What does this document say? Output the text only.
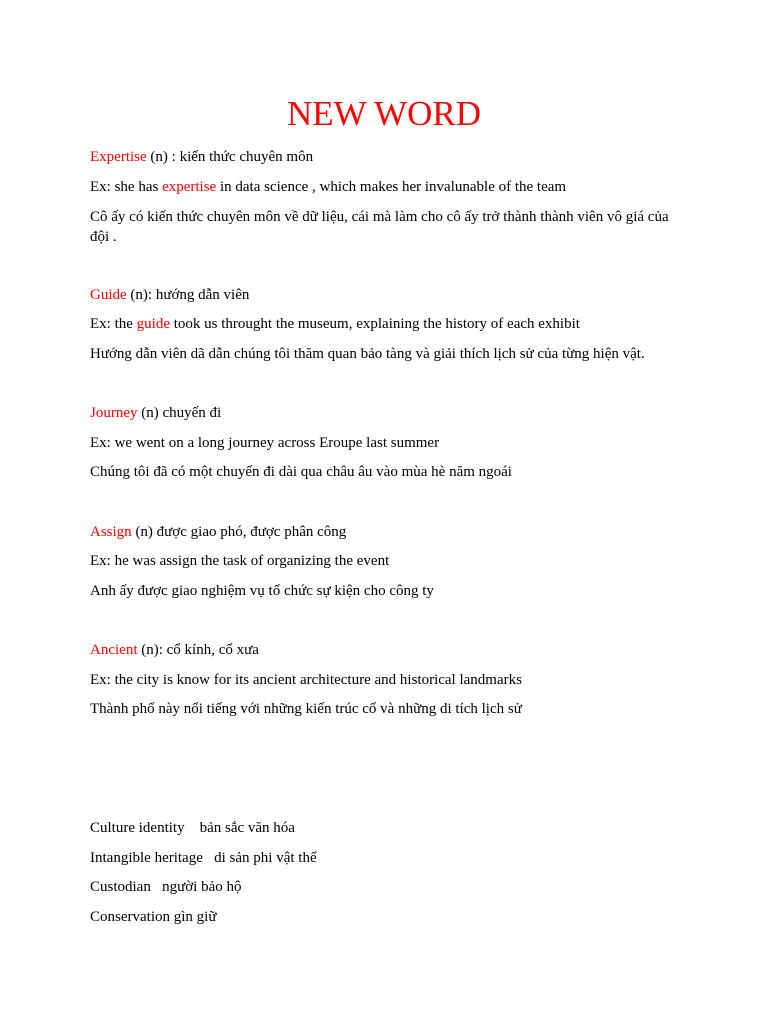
NEW WORD
Expertise (n) : kiến thức chuyên môn
Ex: she has expertise in data science , which makes her invalunable of the team
Cô ấy có kiến thức chuyên môn về dữ liệu, cái mà làm cho cô ấy trở thành thành viên vô giá của đội .
Guide (n): hướng dẫn viên
Ex: the guide took us throught the museum, explaining the history of each exhibit
Hướng dẫn viên dã dẫn chúng tôi thăm quan bảo tàng và giải thích lịch sử của từng hiện vật.
Journey (n) chuyến đi
Ex: we went on a long journey across Eroupe last summer
Chúng tôi đã có một chuyến đi dài qua châu âu vào mùa hè năm ngoái
Assign (n) được giao phó, được phân công
Ex: he was assign the task of organizing the event
Anh ấy được giao nghiệm vụ tổ chức sự kiện cho công ty
Ancient (n): cổ kính, cổ xưa
Ex: the city is know for its ancient architecture and historical landmarks
Thành phố này nổi tiếng với những kiến trúc cổ và những di tích lịch sử
Culture identity    bản sắc văn hóa
Intangible heritage   di sản phi vật thể
Custodian   người bảo hộ
Conservation gìn giữ
